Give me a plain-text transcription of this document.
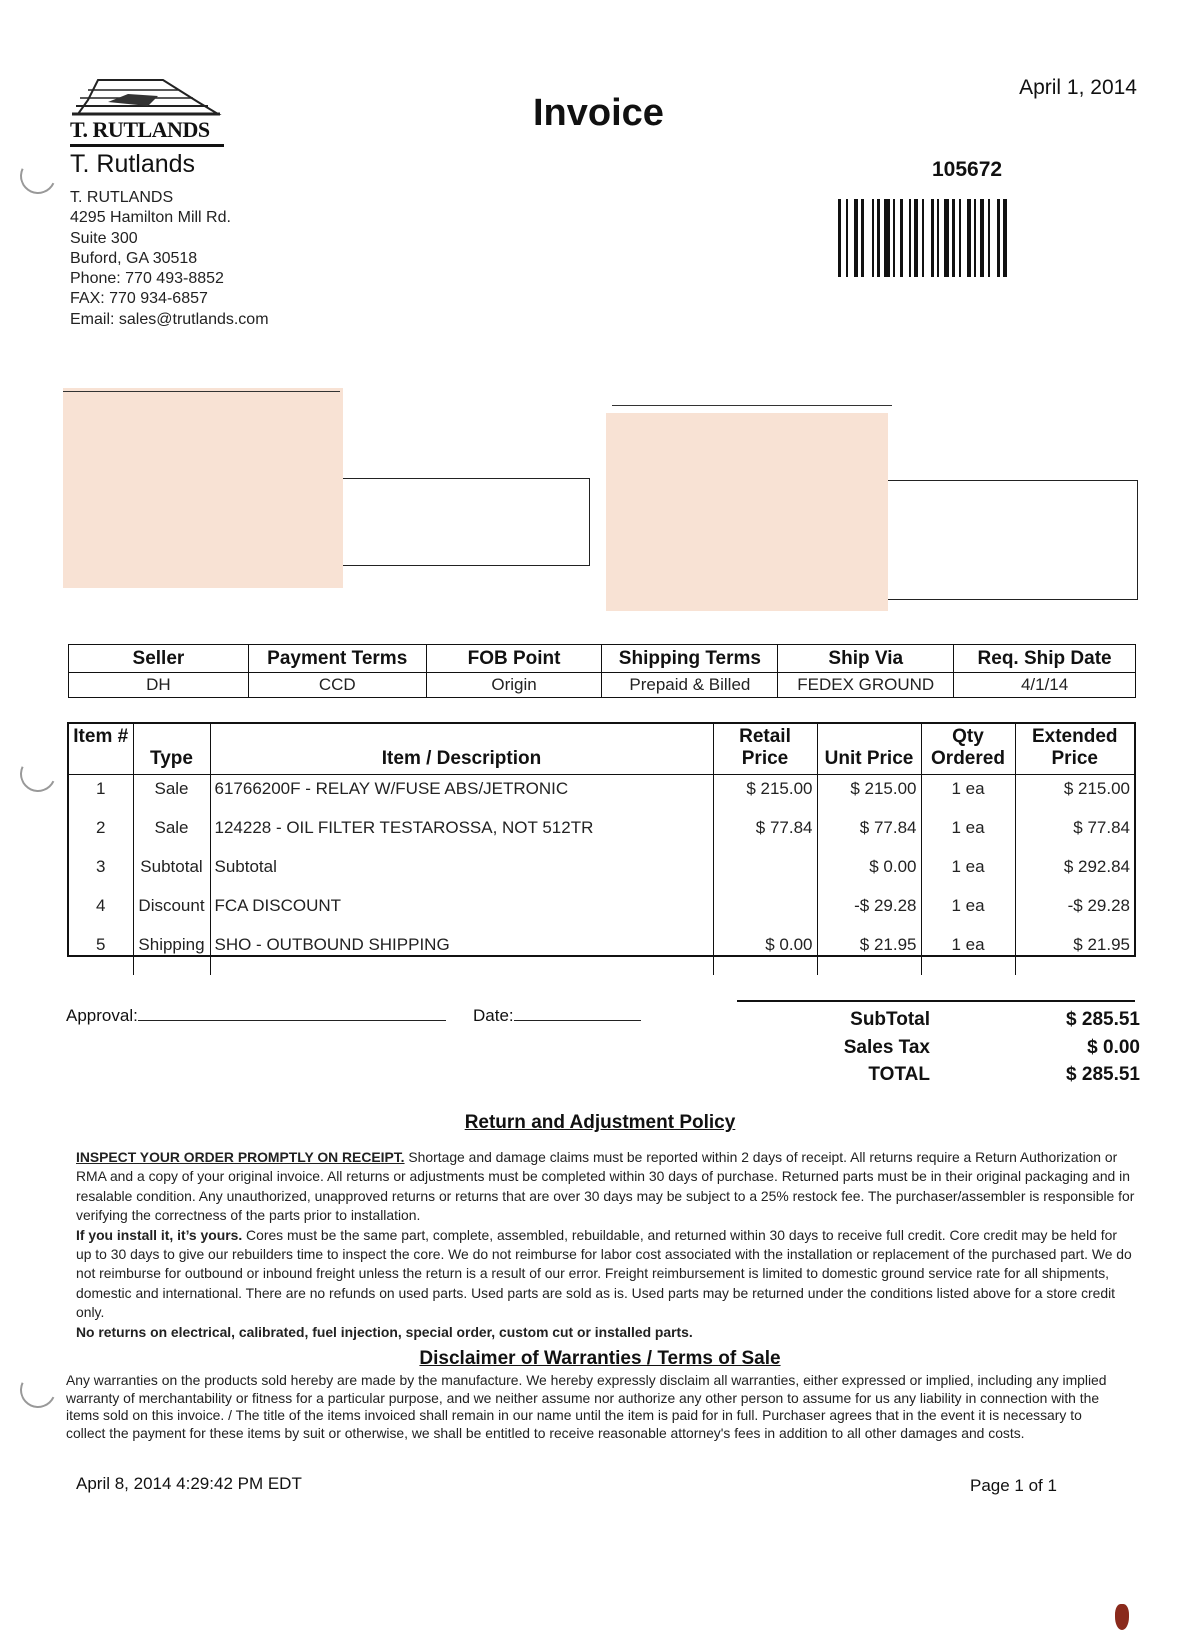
T. RUTLANDS
T. Rutlands
T. RUTLANDS
4295 Hamilton Mill Rd.
Suite 300
Buford, GA 30518
Phone: 770 493-8852
FAX: 770 934-6857
Email: sales@trutlands.com
Invoice
April 1, 2014
105672
Seller	Payment Terms	FOB Point	Shipping Terms	Ship Via	Req. Ship Date
DH	CCD	Origin	Prepaid & Billed	FEDEX GROUND	4/1/14
Item #	Type	Item / Description	Retail Price	Unit Price	Qty Ordered	Extended Price
1	Sale	61766200F - RELAY W/FUSE ABS/JETRONIC	$ 215.00	$ 215.00	1 ea	$ 215.00
2	Sale	124228 - OIL FILTER TESTAROSSA, NOT 512TR	$ 77.84	$ 77.84	1 ea	$ 77.84
3	Subtotal	Subtotal		$ 0.00	1 ea	$ 292.84
4	Discount	FCA DISCOUNT		-$ 29.28	1 ea	-$ 29.28
5	Shipping	SHO - OUTBOUND SHIPPING	$ 0.00	$ 21.95	1 ea	$ 21.95
Approval:	Date:	SubTotal	$ 285.51
Sales Tax	$ 0.00
TOTAL	$ 285.51
Return and Adjustment Policy

INSPECT YOUR ORDER PROMPTLY ON RECEIPT. Shortage and damage claims must be reported within 2 days of receipt. All returns require a Return Authorization or RMA and a copy of your original invoice. All returns or adjustments must be completed within 30 days of purchase. Returned parts must be in their original packaging and in resalable condition. Any unauthorized, unapproved returns or returns that are over 30 days may be subject to a 25% restock fee. The purchaser/assembler is responsible for verifying the correctness of the parts prior to installation.

If you install it, it’s yours. Cores must be the same part, complete, assembled, rebuildable, and returned within 30 days to receive full credit. Core credit may be held for up to 30 days to give our rebuilders time to inspect the core. We do not reimburse for labor cost associated with the installation or replacement of the purchased part. We do not reimburse for outbound or inbound freight unless the return is a result of our error. Freight reimbursement is limited to domestic ground service rate for all shipments, domestic and international. There are no refunds on used parts. Used parts are sold as is. Used parts may be returned under the conditions listed above for a store credit only.

No returns on electrical, calibrated, fuel injection, special order, custom cut or installed parts.

Disclaimer of Warranties / Terms of Sale
Any warranties on the products sold hereby are made by the manufacture. We hereby expressly disclaim all warranties, either expressed or implied, including any implied warranty of merchantability or fitness for a particular purpose, and we neither assume nor authorize any other person to assume for us any liability in connection with the items sold on this invoice. / The title of the items invoiced shall remain in our name until the item is paid for in full. Purchaser agrees that in the event it is necessary to collect the payment for these items by suit or otherwise, we shall be entitled to receive reasonable attorney's fees in addition to all other damages and costs.
April 8, 2014 4:29:42 PM EDT	Page 1 of 1
